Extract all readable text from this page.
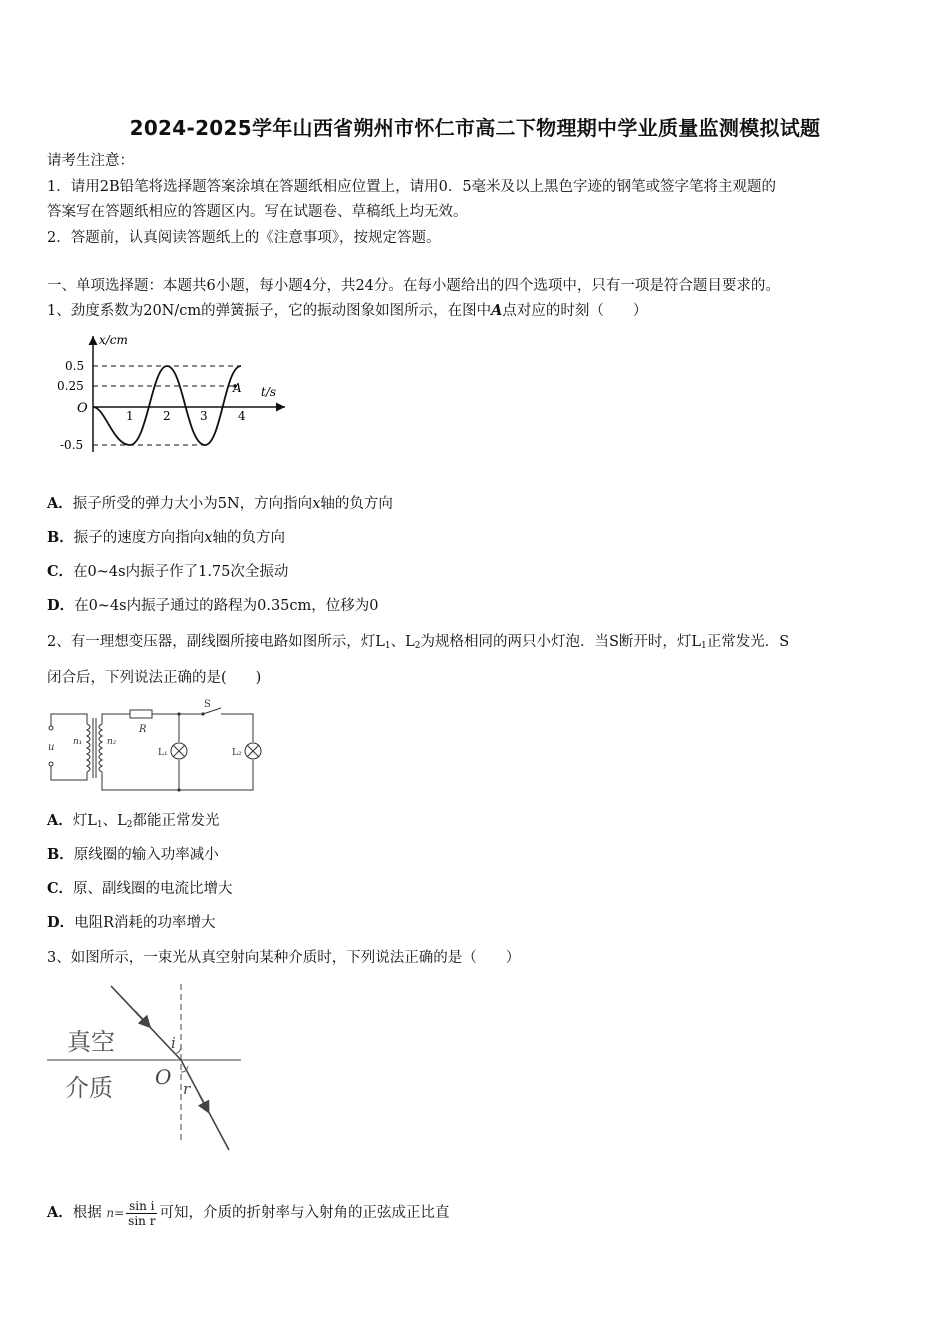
2024-2025学年山西省朔州市怀仁市高二下物理期中学业质量监测模拟试题
请考生注意：
1．请用2B铅笔将选择题答案涂填在答题纸相应位置上，请用0．5毫米及以上黑色字迹的钢笔或签字笔将主观题的
答案写在答题纸相应的答题区内。写在试题卷、草稿纸上均无效。
2．答题前，认真阅读答题纸上的《注意事项》，按规定答题。
一、单项选择题：本题共6小题，每小题4分，共24分。在每小题给出的四个选项中，只有一项是符合题目要求的。
1、劲度系数为20N/cm的弹簧振子，它的振动图象如图所示，在图中A点对应的时刻（　　）
x/cm
t/s
O
A
0.5
0.25
-0.5
1 2 3	4
A．振子所受的弹力大小为5N，方向指向x轴的负方向
B．振子的速度方向指向x轴的负方向
C．在0~4s内振子作了1.75次全振动
D．在0~4s内振子通过的路程为0.35cm，位移为0
2、有一理想变压器，副线圈所接电路如图所示，灯$L_1$、$L_2$为规格相同的两只小灯泡．当S断开时，灯$L_1$正常发光．S
闭合后，下列说法正确的是(　　)
u n₁	n₂
R
S
L₁	L₂
A．灯$L_1$、$L_2$都能正常发光
B．原线圈的输入功率减小
C．原、副线圈的电流比增大
D．电阻R消耗的功率增大
3、如图所示，一束光从真空射向某种介质时，下列说法正确的是（　　）
真空
介质 O
i
r
A．根据 $n= \frac{\text{sin i}}{\text{sin r}}$ 可知，介质的折射率与入射角的正弦成正比直
